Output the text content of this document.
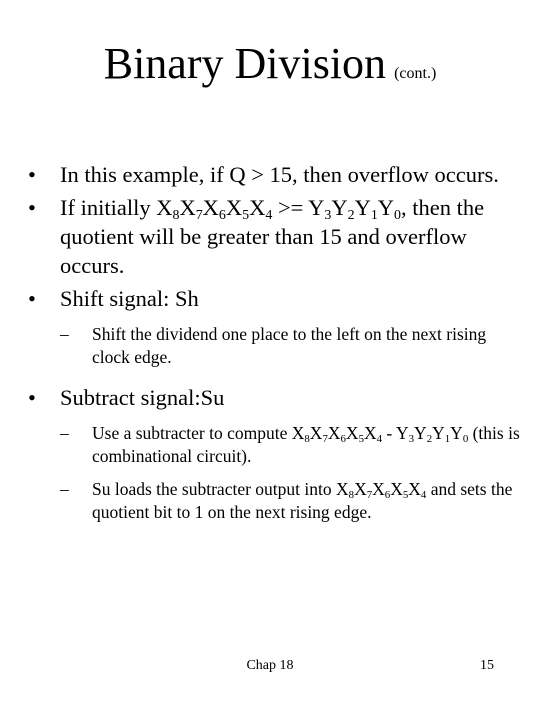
Binary Division (cont.)

• In this example, if Q > 15, then overflow occurs.

• If initially $X_8X_7X_6X_5X_4 >= Y_3Y_2Y_1Y_0$, then the quotient will be greater than 15 and overflow occurs.

• Shift signal: Sh

– Shift the dividend one place to the left on the next rising clock edge.

• Subtract signal:Su

– Use a subtracter to compute $X_8X_7X_6X_5X_4 - Y_3Y_2Y_1Y_0$ (this is combinational circuit).

– Su loads the subtracter output into $X_8X_7X_6X_5X_4$ and sets the quotient bit to 1 on the next rising edge.

Chap 18	15
